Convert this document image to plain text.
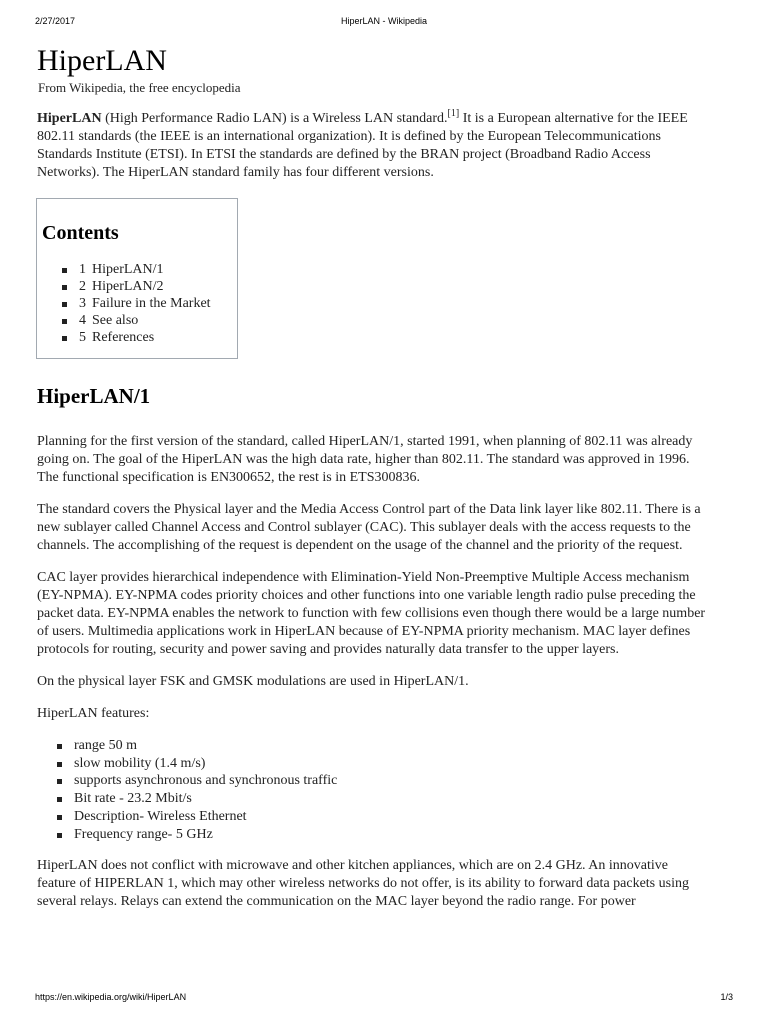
2/27/2017	HiperLAN - Wikipedia
HiperLAN
From Wikipedia, the free encyclopedia

HiperLAN (High Performance Radio LAN) is a Wireless LAN standard.[1] It is a European alternative for the IEEE 802.11 standards (the IEEE is an international organization). It is defined by the European Telecommunications Standards Institute (ETSI). In ETSI the standards are defined by the BRAN project (Broadband Radio Access Networks). The HiperLAN standard family has four different versions.

Contents
1 HiperLAN/1
2 HiperLAN/2
3 Failure in the Market
4 See also
5 References
HiperLAN/1

Planning for the first version of the standard, called HiperLAN/1, started 1991, when planning of 802.11 was already going on. The goal of the HiperLAN was the high data rate, higher than 802.11. The standard was approved in 1996. The functional specification is EN300652, the rest is in ETS300836.

The standard covers the Physical layer and the Media Access Control part of the Data link layer like 802.11. There is a new sublayer called Channel Access and Control sublayer (CAC). This sublayer deals with the access requests to the channels. The accomplishing of the request is dependent on the usage of the channel and the priority of the request.

CAC layer provides hierarchical independence with Elimination-Yield Non-Preemptive Multiple Access mechanism (EY-NPMA). EY-NPMA codes priority choices and other functions into one variable length radio pulse preceding the packet data. EY-NPMA enables the network to function with few collisions even though there would be a large number of users. Multimedia applications work in HiperLAN because of EY-NPMA priority mechanism. MAC layer defines protocols for routing, security and power saving and provides naturally data transfer to the upper layers.

On the physical layer FSK and GMSK modulations are used in HiperLAN/1.

HiperLAN features:

range 50 m
slow mobility (1.4 m/s)
supports asynchronous and synchronous traffic
Bit rate - 23.2 Mbit/s
Description- Wireless Ethernet
Frequency range- 5 GHz

HiperLAN does not conflict with microwave and other kitchen appliances, which are on 2.4 GHz. An innovative feature of HIPERLAN 1, which may other wireless networks do not offer, is its ability to forward data packets using several relays. Relays can extend the communication on the MAC layer beyond the radio range. For power

https://en.wikipedia.org/wiki/HiperLAN	1/3
